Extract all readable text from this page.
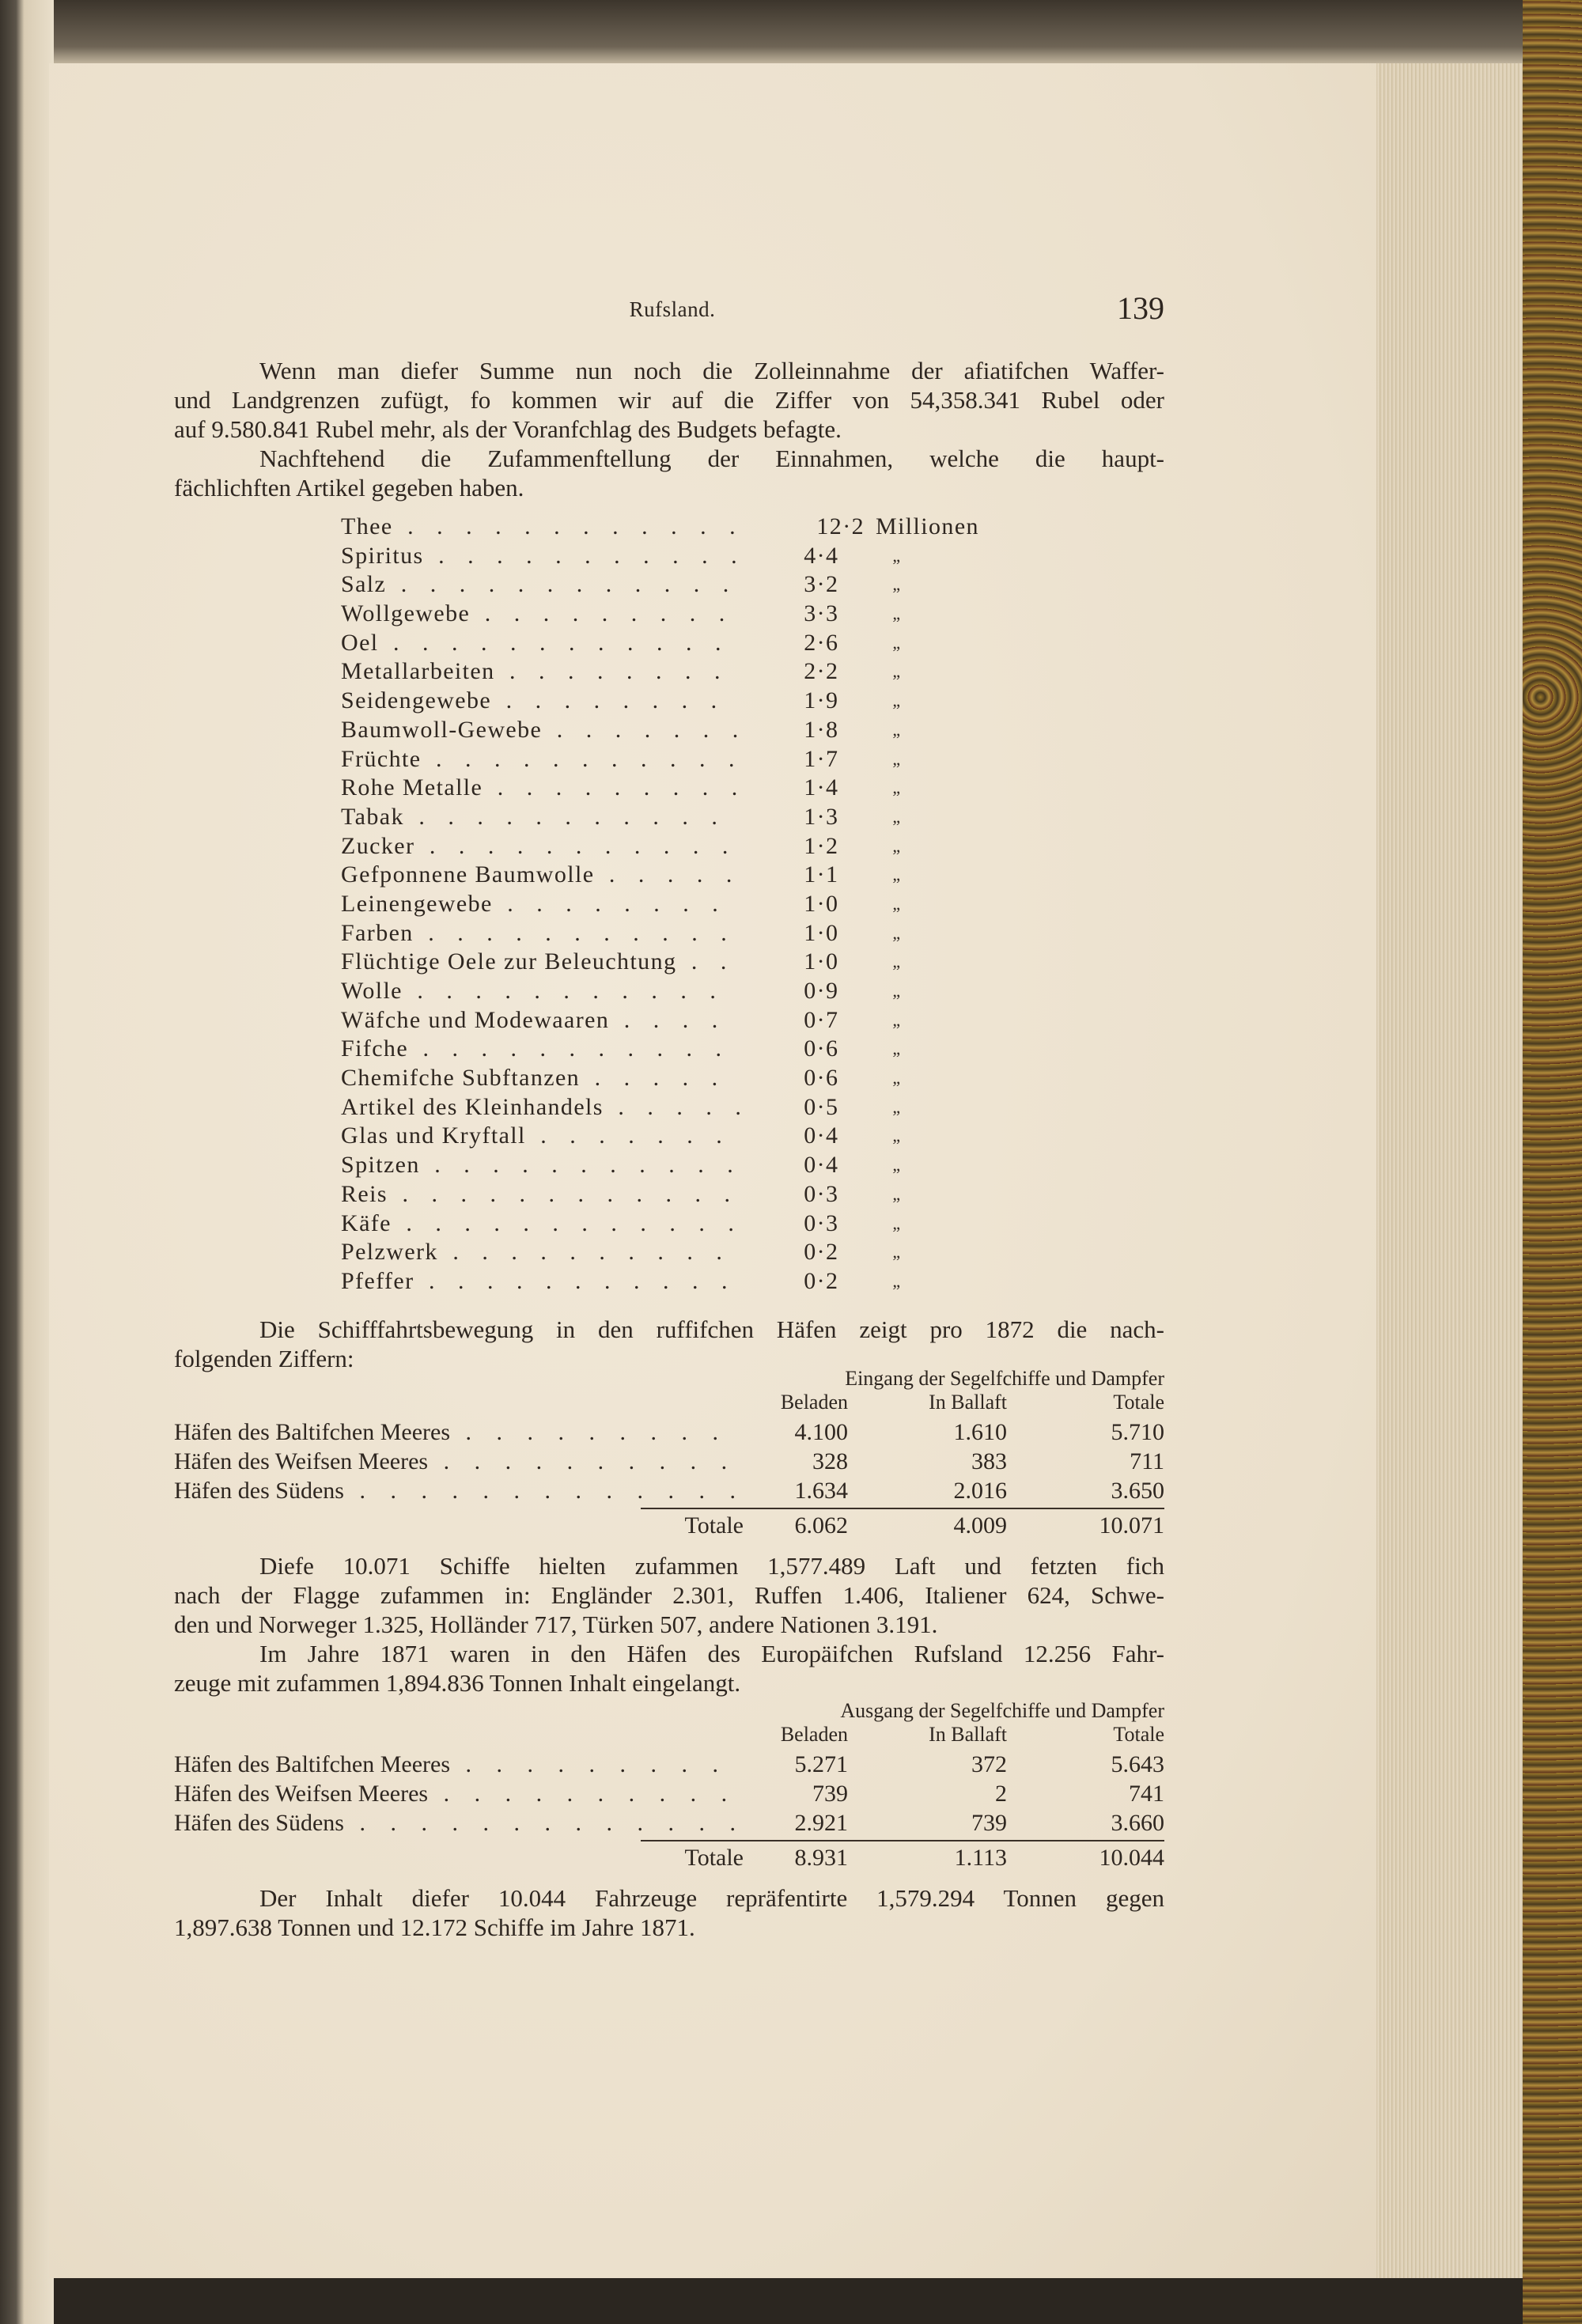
Rufsland.	139
Wenn man diefer Summe nun noch die Zolleinnahme der afiatifchen Waffer-
und Landgrenzen zufügt, fo kommen wir auf die Ziffer von 54,358.341 Rubel oder
auf 9.580.841 Rubel mehr, als der Voranfchlag des Budgets befagte.
Nachftehend die Zufammenftellung der Einnahmen, welche die haupt-
fächlichften Artikel gegeben haben.
Thee . . .	12·2 Millionen
Spiritus . . .	4·4	„
Salz . . .	3·2	„
Wollgewebe . . .	3·3	„
Oel . . .	2·6	„
Metallarbeiten . . .	2·2	„
Seidengewebe . . .	1·9	„
Baumwoll-Gewebe . . .	1·8	„
Früchte . . .	1·7	„
Rohe Metalle . . .	1·4	„
Tabak . . .	1·3	„
Zucker . . .	1·2	„
Gefponnene Baumwolle . . .	1·1	„
Leinengewebe . . .	1·0	„
Farben . . .	1·0	„
Flüchtige Oele zur Beleuchtung . . .	1·0	„
Wolle . . .	0·9	„
Wäfche und Modewaaren . . .	0·7	„
Fifche . . .	0·6	„
Chemifche Subftanzen . . .	0·6	„
Artikel des Kleinhandels . . .	0·5	„
Glas und Kryftall . . .	0·4	„
Spitzen . . .	0·4	„
Reis . . .	0·3	„
Käfe . . .	0·3	„
Pelzwerk . . .	0·2	„
Pfeffer . . .	0·2	„
Die Schifffahrtsbewegung in den ruffifchen Häfen zeigt pro 1872 die nach-
folgenden Ziffern:
Eingang der Segelfchiffe und Dampfer
Beladen	In Ballaft	Totale
Häfen des Baltifchen Meeres . . .	4.100	1.610	5.710
Häfen des Weifsen Meeres . . .	328	383	711
Häfen des Südens . . .	1.634	2.016	3.650
Totale	6.062	4.009	10.071
Diefe 10.071 Schiffe hielten zufammen 1,577.489 Laft und fetzten fich
nach der Flagge zufammen in: Engländer 2.301, Ruffen 1.406, Italiener 624, Schwe-
den und Norweger 1.325, Holländer 717, Türken 507, andere Nationen 3.191.
Im Jahre 1871 waren in den Häfen des Europäifchen Rufsland 12.256 Fahr-
zeuge mit zufammen 1,894.836 Tonnen Inhalt eingelangt.
Ausgang der Segelfchiffe und Dampfer
Beladen	In Ballaft	Totale
Häfen des Baltifchen Meeres . . .	5.271	372	5.643
Häfen des Weifsen Meeres . . .	739	2	741
Häfen des Südens . . .	2.921	739	3.660
Totale	8.931	1.113	10.044
Der Inhalt diefer 10.044 Fahrzeuge repräfentirte 1,579.294 Tonnen gegen
1,897.638 Tonnen und 12.172 Schiffe im Jahre 1871.
